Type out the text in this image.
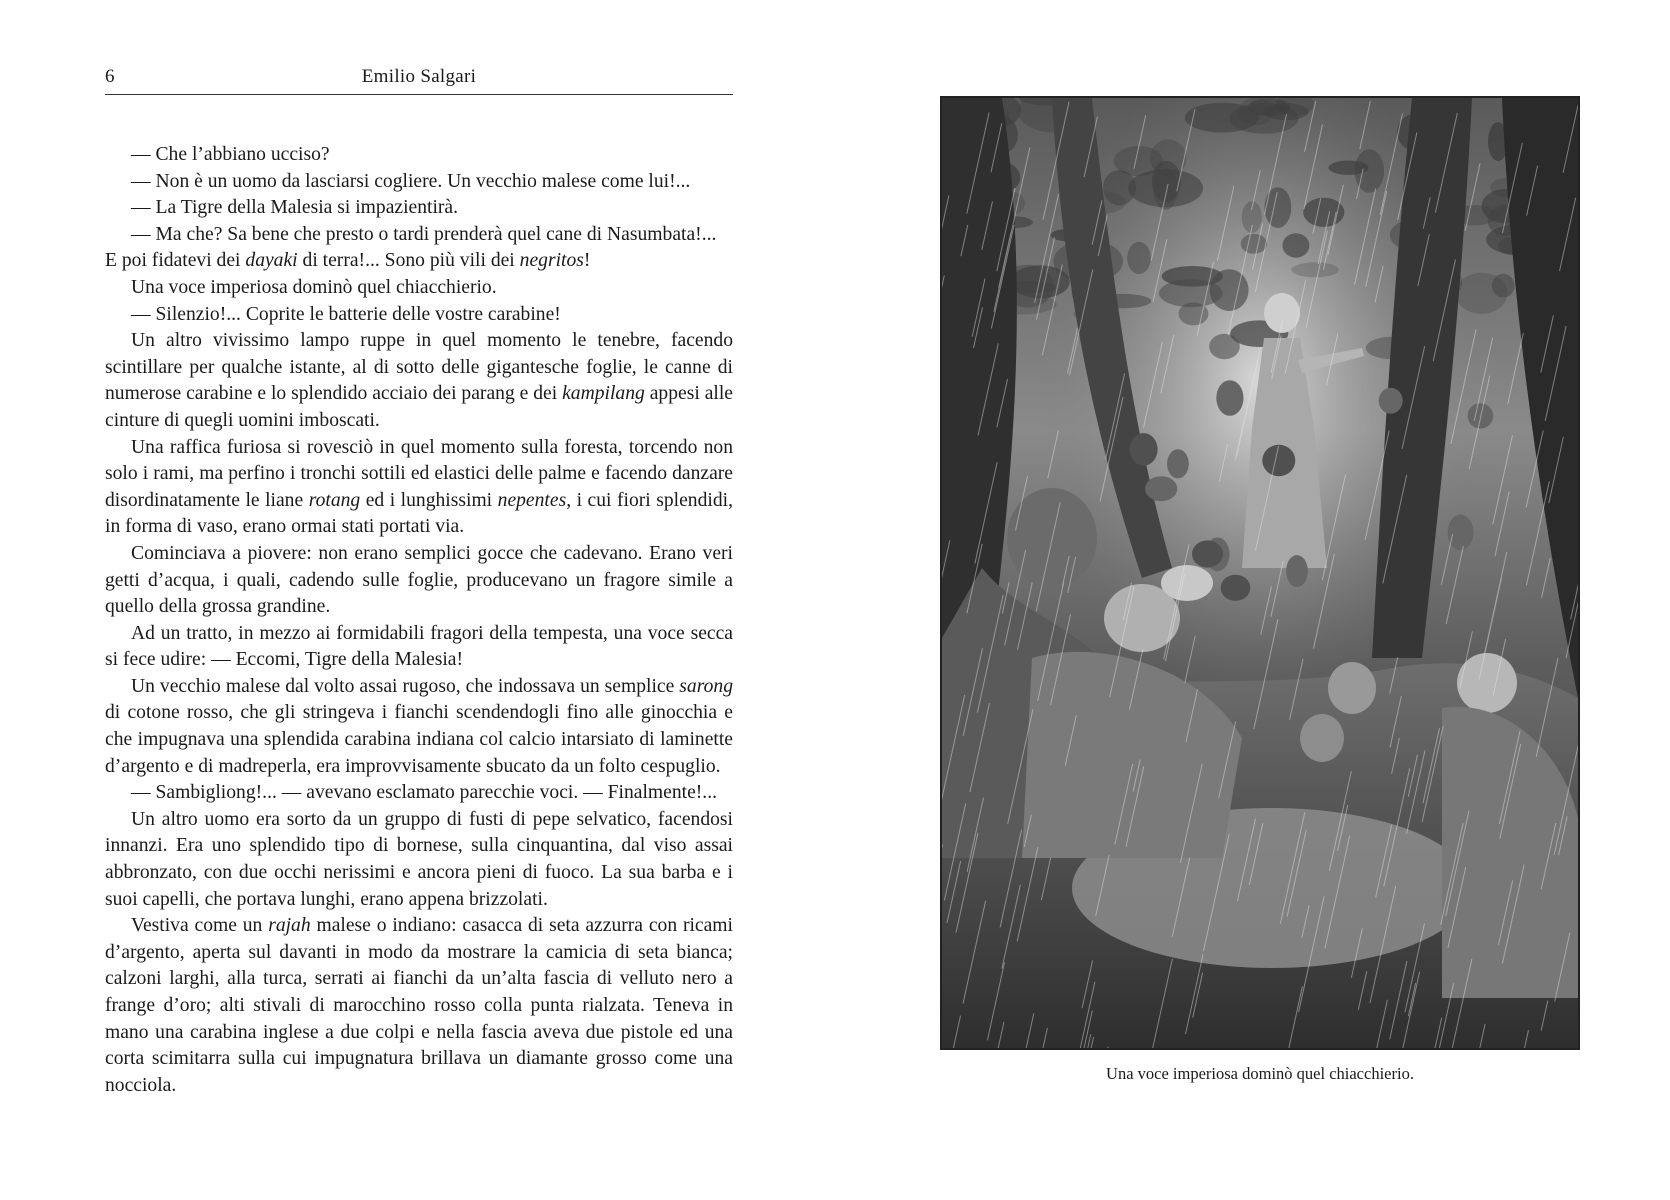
6	Emilio Salgari

— Che l’abbiano ucciso?

— Non è un uomo da lasciarsi cogliere. Un vecchio malese come lui!...

— La Tigre della Malesia si impazientirà.

— Ma che? Sa bene che presto o tardi prenderà quel cane di Nasumbata!...

E poi fidatevi dei dayaki di terra!... Sono più vili dei negritos!

Una voce imperiosa dominò quel chiacchierio.

— Silenzio!... Coprite le batterie delle vostre carabine!

Un altro vivissimo lampo ruppe in quel momento le tenebre, facendo scintillare per qualche istante, al di sotto delle gigantesche foglie, le canne di numerose carabine e lo splendido acciaio dei parang e dei kampilang appesi alle cinture di quegli uomini imboscati.

Una raffica furiosa si rovesciò in quel momento sulla foresta, torcendo non solo i rami, ma perfino i tronchi sottili ed elastici delle palme e facendo danzare disordinatamente le liane rotang ed i lunghissimi nepentes, i cui fiori splendidi, in forma di vaso, erano ormai stati portati via.

Cominciava a piovere: non erano semplici gocce che cadevano. Erano veri getti d’acqua, i quali, cadendo sulle foglie, producevano un fragore simile a quello della grossa grandine.

Ad un tratto, in mezzo ai formidabili fragori della tempesta, una voce secca si fece udire: — Eccomi, Tigre della Malesia!

Un vecchio malese dal volto assai rugoso, che indossava un semplice sarong di cotone rosso, che gli stringeva i fianchi scendendogli fino alle ginocchia e che impugnava una splendida carabina indiana col calcio intarsiato di laminette d’argento e di madreperla, era improvvisamente sbucato da un folto cespuglio.

— Sambigliong!... — avevano esclamato parecchie voci. — Finalmente!...

Un altro uomo era sorto da un gruppo di fusti di pepe selvatico, facendosi innanzi. Era uno splendido tipo di bornese, sulla cinquantina, dal viso assai abbronzato, con due occhi nerissimi e ancora pieni di fuoco. La sua barba e i suoi capelli, che portava lunghi, erano appena brizzolati.

Vestiva come un rajah malese o indiano: casacca di seta azzurra con ricami d’argento, aperta sul davanti in modo da mostrare la camicia di seta bianca; calzoni larghi, alla turca, serrati ai fianchi da un’alta fascia di velluto nero a frange d’oro; alti stivali di marocchino rosso colla punta rialzata. Teneva in mano una carabina inglese a due colpi e nella fascia aveva due pistole ed una corta scimitarra sulla cui impugnatura brillava un diamante grosso come una nocciola.

Una voce imperiosa dominò quel chiacchierio.
